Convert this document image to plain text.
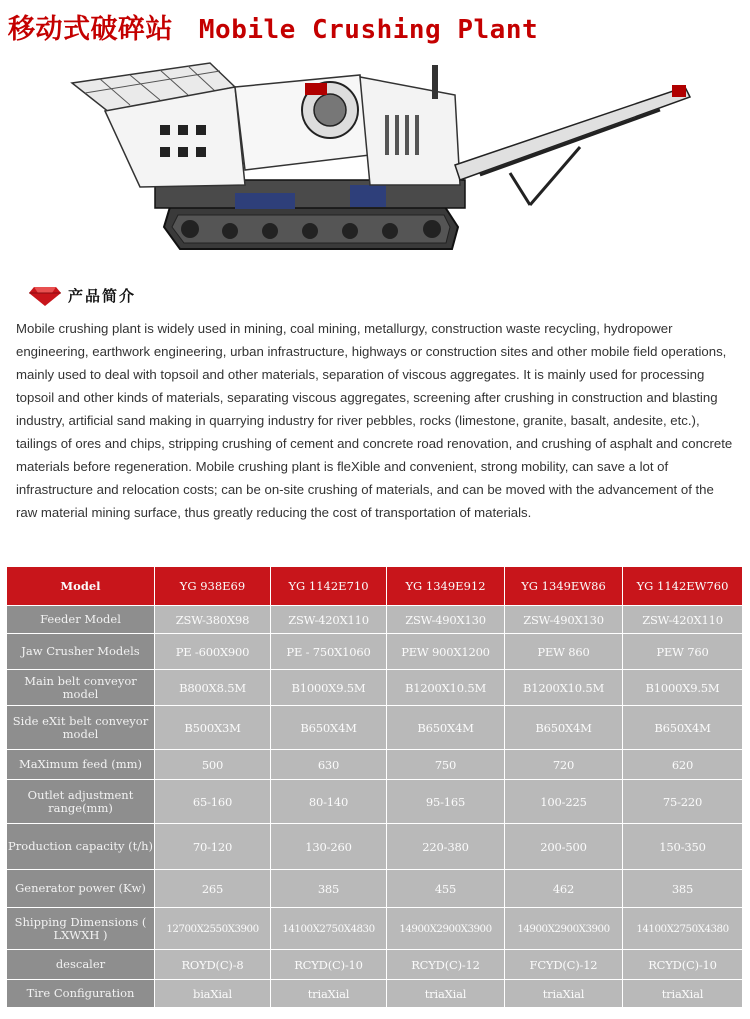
移动式破碎站 Mobile Crushing Plant
产品简介

Mobile crushing plant is widely used in mining, coal mining, metallurgy, construction waste recycling, hydropower engineering, earthwork engineering, urban infrastructure, highways or construction sites and other mobile field operations, mainly used to deal with topsoil and other materials, separation of viscous aggregates. It is mainly used for processing topsoil and other kinds of materials, separating viscous aggregates, screening after crushing in construction and blasting industry, artificial sand making in quarrying industry for river pebbles, rocks (limestone, granite, basalt, andesite, etc.), tailings of ores and chips, stripping crushing of cement and concrete road renovation, and crushing of asphalt and concrete materials before regeneration. Mobile crushing plant is fleXible and convenient, strong mobility, can save a lot of infrastructure and relocation costs; can be on-site crushing of materials, and can be moved with the advancement of the raw material mining surface, thus greatly reducing the cost of transportation of materials.

Model	YG 938E69	YG 1142E710	YG 1349E912	YG 1349EW86	YG 1142EW760
Feeder Model	ZSW-380X98	ZSW-420X110	ZSW-490X130	ZSW-490X130	ZSW-420X110
Jaw Crusher Models	PE -600X900	PE - 750X1060	PEW 900X1200	PEW 860	PEW 760
Main belt conveyor model	B800X8.5M	B1000X9.5M	B1200X10.5M	B1200X10.5M	B1000X9.5M
Side eXit belt conveyor model	B500X3M	B650X4M	B650X4M	B650X4M	B650X4M
MaXimum feed (mm)	500	630	750	720	620
Outlet adjustment range(mm)	65-160	80-140	95-165	100-225	75-220
Production capacity (t/h)	70-120	130-260	220-380	200-500	150-350
Generator power (Kw)	265	385	455	462	385
Shipping Dimensions ( LXWXH )	12700X2550X3900	14100X2750X4830	14900X2900X3900	14900X2900X3900	14100X2750X4380
descaler	ROYD(C)-8	RCYD(C)-10	RCYD(C)-12	FCYD(C)-12	RCYD(C)-10
Tire Configuration	biaXial	triaXial	triaXial	triaXial	triaXial
